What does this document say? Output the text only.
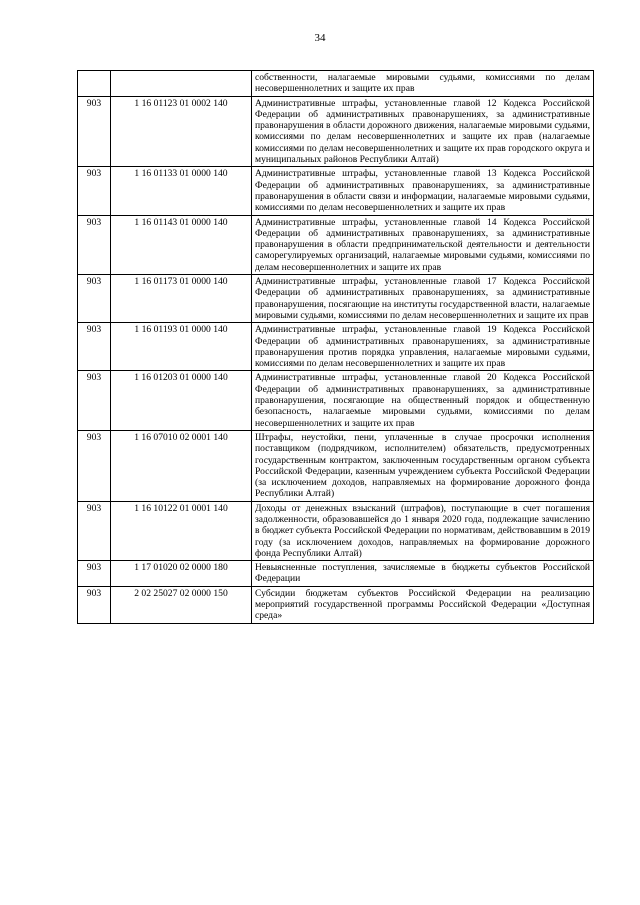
34
		собственности, налагаемые мировыми судьями, комиссиями по делам несовершеннолетних и защите их прав
903	1 16 01123 01 0002 140	Административные штрафы, установленные главой 12 Кодекса Российской Федерации об административных правонарушениях, за административные правонарушения в области дорожного движения, налагаемые мировыми судьями, комиссиями по делам несовершеннолетних и защите их прав (налагаемые комиссиями по делам несовершеннолетних и защите их прав городского округа и муниципальных районов Республики Алтай)
903	1 16 01133 01 0000 140	Административные штрафы, установленные главой 13 Кодекса Российской Федерации об административных правонарушениях, за административные правонарушения в области связи и информации, налагаемые мировыми судьями, комиссиями по делам несовершеннолетних и защите их прав
903	1 16 01143 01 0000 140	Административные штрафы, установленные главой 14 Кодекса Российской Федерации об административных правонарушениях, за административные правонарушения в области предпринимательской деятельности и деятельности саморегулируемых организаций, налагаемые мировыми судьями, комиссиями по делам несовершеннолетних и защите их прав
903	1 16 01173 01 0000 140	Административные штрафы, установленные главой 17 Кодекса Российской Федерации об административных правонарушениях, за административные правонарушения, посягающие на институты государственной власти, налагаемые мировыми судьями, комиссиями по делам несовершеннолетних и защите их прав
903	1 16 01193 01 0000 140	Административные штрафы, установленные главой 19 Кодекса Российской Федерации об административных правонарушениях, за административные правонарушения против порядка управления, налагаемые мировыми судьями, комиссиями по делам несовершеннолетних и защите их прав
903	1 16 01203 01 0000 140	Административные штрафы, установленные главой 20 Кодекса Российской Федерации об административных правонарушениях, за административные правонарушения, посягающие на общественный порядок и общественную безопасность, налагаемые мировыми судьями, комиссиями по делам несовершеннолетних и защите их прав
903	1 16 07010 02 0001 140	Штрафы, неустойки, пени, уплаченные в случае просрочки исполнения поставщиком (подрядчиком, исполнителем) обязательств, предусмотренных государственным контрактом, заключенным государственным органом субъекта Российской Федерации, казенным учреждением субъекта Российской Федерации (за исключением доходов, направляемых на формирование дорожного фонда Республики Алтай)
903	1 16 10122 01 0001 140	Доходы от денежных взысканий (штрафов), поступающие в счет погашения задолженности, образовавшейся до 1 января 2020 года, подлежащие зачислению в бюджет субъекта Российской Федерации по нормативам, действовавшим в 2019 году (за исключением доходов, направляемых на формирование дорожного фонда Республики Алтай)
903	1 17 01020 02 0000 180	Невыясненные поступления, зачисляемые в бюджеты субъектов Российской Федерации
903	2 02 25027 02 0000 150	Субсидии бюджетам субъектов Российской Федерации на реализацию мероприятий государственной программы Российской Федерации «Доступная среда»
